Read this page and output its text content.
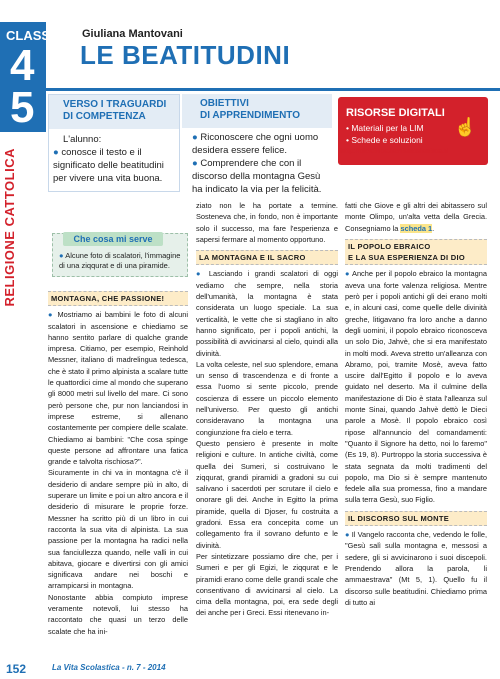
CLASSE
4
5
RELIGIONE CATTOLICA
Giuliana Mantovani
LE BEATITUDINI
VERSO I TRAGUARDI
DI COMPETENZA
L'alunno:
● conosce il testo e il significato delle beatitudini per vivere una vita buona.
OBIETTIVI
DI APPRENDIMENTO
● Riconoscere che ogni uomo desidera essere felice.
● Comprendere che con il discorso della montagna Gesù ha indicato la via per la felicità.
RISORSE DIGITALI
• Materiali per la LIM
• Schede e soluzioni
☝
http://didattica.lavitascolastica.it
Che cosa mi serve
● Alcune foto di scalatori, l'immagine di una ziqqurat e di una piramide.
MONTAGNA, CHE PASSIONE!

● Mostriamo ai bambini le foto di alcuni scalatori in ascensione e chiediamo se hanno sentito parlare di qualche grande impresa. Citiamo, per esempio, Reinhold Messner, italiano di madrelingua tedesca, che è stato il primo alpinista a scalare tutte le quattordici cime al mondo che superano gli 8000 metri sul livello del mare. Ci sono però persone che, pur non lanciandosi in imprese estreme, si allenano costantemente per compiere delle scalate. Chiediamo ai bambini: "Che cosa spinge queste persone ad affrontare una fatica grande e talvolta rischiosa?".

Sicuramente in chi va in montagna c'è il desiderio di andare sempre più in alto, di superare un limite e poi un altro ancora e il desiderio di misurare le proprie forze. Messner ha scritto più di un libro in cui racconta la sua vita di alpinista. La sua passione per la montagna ha radici nella sua fanciullezza quando, nelle valli in cui abitava, giocare e divertirsi con gli amici significava andare nei boschi e arrampicarsi in montagna.

Nonostante abbia compiuto imprese veramente notevoli, lui stesso ha raccontato che quasi un terzo delle scalate che ha ini-

ziato non le ha portate a termine. Sosteneva che, in fondo, non è importante solo il successo, ma fare l'esperienza e sapersi fermare al momento opportuno.

LA MONTAGNA E IL SACRO

● Lasciando i grandi scalatori di oggi vediamo che sempre, nella storia dell'umanità, la montagna è stata considerata un luogo speciale. La sua verticalità, le vette che si stagliano in alto hanno significato, per i popoli antichi, la possibilità di avvicinarsi al cielo, quindi alla divinità.

La volta celeste, nel suo splendore, emana un senso di trascendenza e di fronte a essa l'uomo si sente piccolo, prende coscienza di essere un piccolo elemento nell'universo. Per questo gli antichi consideravano la montagna una congiunzione fra cielo e terra.

Questo pensiero è presente in molte religioni e culture. In antiche civiltà, come quella dei Sumeri, si costruivano le ziqqurat, grandi piramidi a gradoni su cui salivano i sacerdoti per scrutare il cielo e onorare gli dei. Anche in Egitto la prima piramide, quella di Djoser, fu costruita a gradoni. Essa era concepita come un collegamento fra il sovrano defunto e le divinità.

Per sintetizzare possiamo dire che, per i Sumeri e per gli Egizi, le ziqqurat e le piramidi erano come delle grandi scale che consentivano di avvicinarsi al cielo. La cima della montagna, poi, era sede degli dei anche per i Greci. Essi ritenevano in-

fatti che Giove e gli altri dei abitassero sul monte Olimpo, un'alta vetta della Grecia. Consegniamo la scheda 1.

IL POPOLO EBRAICO
E LA SUA ESPERIENZA DI DIO

● Anche per il popolo ebraico la montagna aveva una forte valenza religiosa. Mentre però per i popoli antichi gli dei erano molti e, in alcuni casi, come quelle delle divinità greche, litigavano fra loro anche a danno degli uomini, il popolo ebraico riconosceva un solo Dio, Jahvè, che si era manifestato in molti modi. Aveva stretto un'alleanza con Abramo, poi, tramite Mosè, aveva fatto uscire dall'Egitto il popolo e lo aveva guidato nel deserto. Ma il culmine della manifestazione di Dio è stata l'alleanza sul monte Sinai, quando Jahvè dettò le Dieci parole a Mosè. Il popolo ebraico così ripose all'annuncio del comandamenti: "Quanto il Signore ha detto, noi lo faremo" (Es 19, 8). Purtroppo la storia successiva è stata segnata da molti tradimenti del popolo, ma Dio si è sempre mantenuto fedele alla sua promessa, fino a mandare sulla terra Gesù, suo Figlio.

IL DISCORSO SUL MONTE

● Il Vangelo racconta che, vedendo le folle, "Gesù salì sulla montagna e, messosi a sedere, gli si avvicinarono i suoi discepoli. Prendendo allora la parola, li ammaestrava" (Mt 5, 1). Quello fu il discorso sulle beatitudini. Chiediamo prima di tutto ai

152	La Vita Scolastica - n. 7 - 2014
